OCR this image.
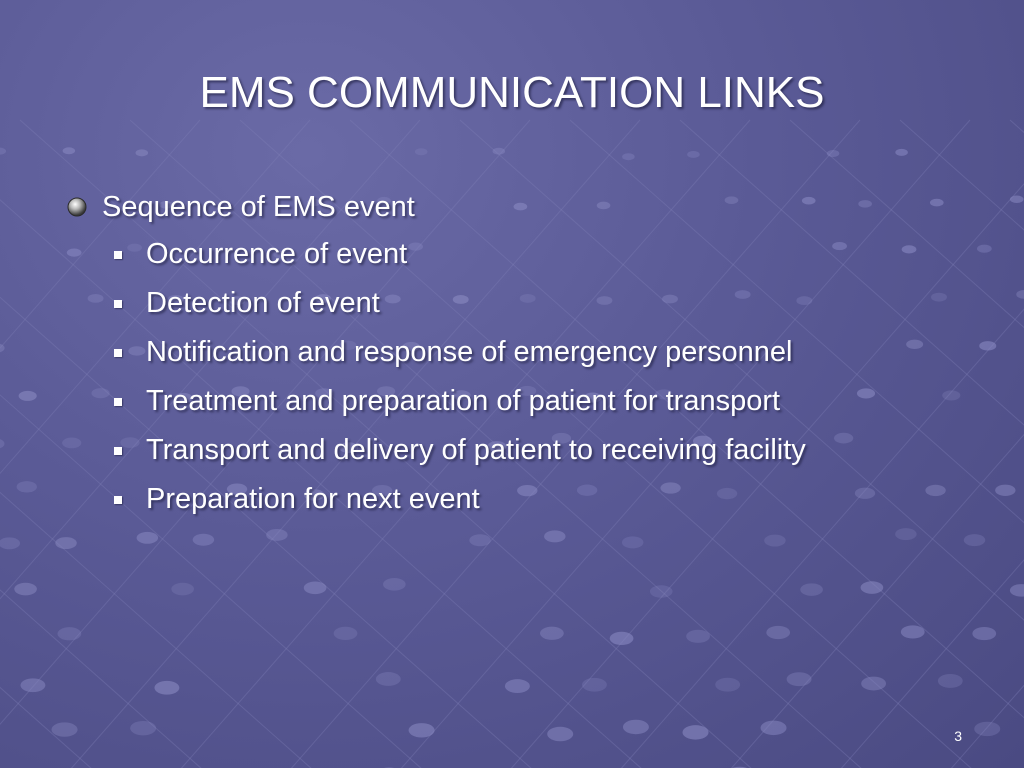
EMS COMMUNICATION LINKS
Sequence of EMS event
Occurrence of event
Detection of event
Notification and response of emergency personnel
Treatment and preparation of patient for transport
Transport and delivery of patient to receiving facility
Preparation for next event
3
